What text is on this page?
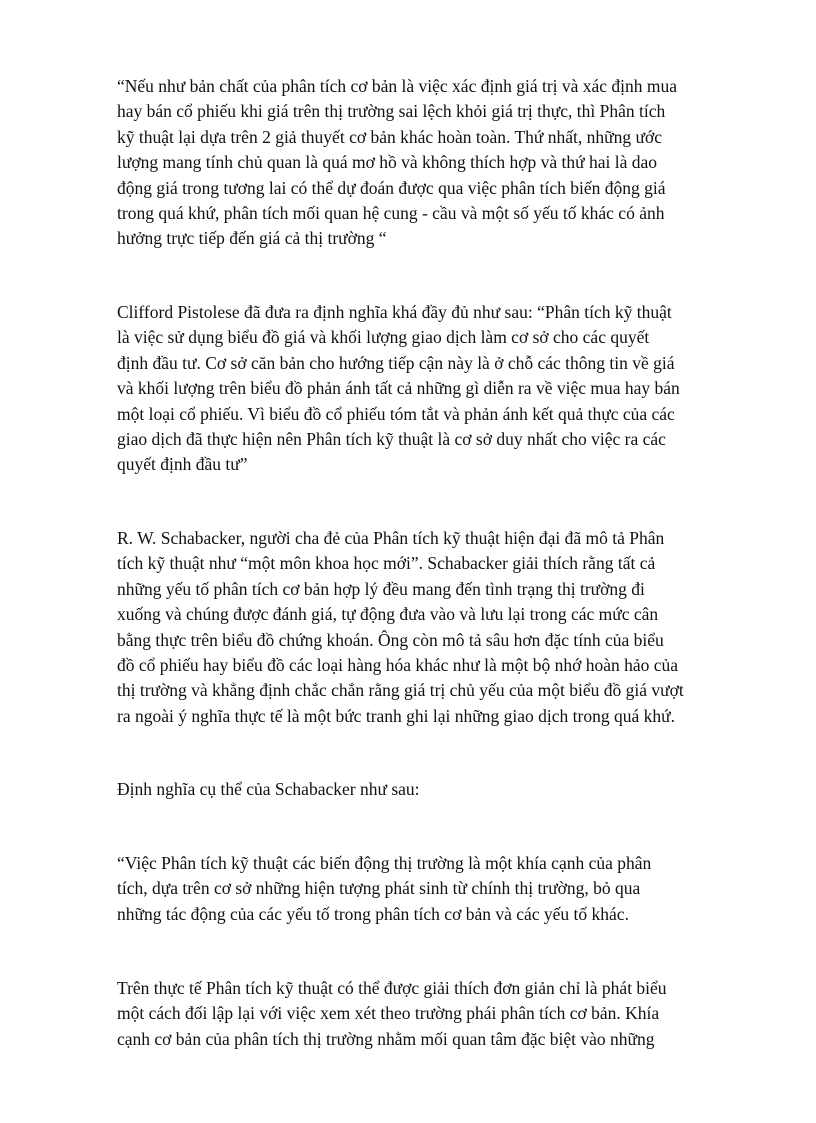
“Nếu như bản chất của phân tích cơ bản là việc xác định giá trị và xác định mua
hay bán cổ phiếu khi giá trên thị trường sai lệch khỏi giá trị thực, thì Phân tích
kỹ thuật lại dựa trên 2 giả thuyết cơ bản khác hoàn toàn. Thứ nhất, những ước
lượng mang tính chủ quan là quá mơ hồ và không thích hợp và thứ hai là dao
động giá trong tương lai có thể dự đoán được qua việc phân tích biến động giá
trong quá khứ, phân tích mối quan hệ cung - cầu và một số yếu tố khác có ảnh
hưởng trực tiếp đến giá cả thị trường “

Clifford Pistolese đã đưa ra định nghĩa khá đầy đủ như sau: “Phân tích kỹ thuật
là việc sử dụng biểu đồ giá và khối lượng giao dịch làm cơ sở cho các quyết
định đầu tư. Cơ sở căn bản cho hướng tiếp cận này là ở chỗ các thông tin về giá
và khối lượng trên biểu đồ phản ánh tất cả những gì diễn ra về việc mua hay bán
một loại cổ phiếu. Vì biểu đồ cổ phiếu tóm tắt và phản ánh kết quả thực của các
giao dịch đã thực hiện nên Phân tích kỹ thuật là cơ sở duy nhất cho việc ra các
quyết định đầu tư”

R. W. Schabacker, người cha đẻ của Phân tích kỹ thuật hiện đại đã mô tả Phân
tích kỹ thuật như “một môn khoa học mới”. Schabacker giải thích rằng tất cả
những yếu tố phân tích cơ bản hợp lý đều mang đến tình trạng thị trường đi
xuống và chúng được đánh giá, tự động đưa vào và lưu lại trong các mức cân
bằng thực trên biểu đồ chứng khoán. Ông còn mô tả sâu hơn đặc tính của biểu
đồ cổ phiếu hay biểu đồ các loại hàng hóa khác như là một bộ nhớ hoàn hảo của
thị trường và khẳng định chắc chắn rằng giá trị chủ yếu của một biểu đồ giá vượt
ra ngoài ý nghĩa thực tế là một bức tranh ghi lại những giao dịch trong quá khứ.

Định nghĩa cụ thể của Schabacker như sau:

“Việc Phân tích kỹ thuật các biến động thị trường là một khía cạnh của phân
tích, dựa trên cơ sở những hiện tượng phát sinh từ chính thị trường, bỏ qua
những tác động của các yếu tố trong phân tích cơ bản và các yếu tố khác.

Trên thực tế Phân tích kỹ thuật có thể được giải thích đơn giản chỉ là phát biểu
một cách đối lập lại với việc xem xét theo trường phái phân tích cơ bản. Khía
cạnh cơ bản của phân tích thị trường nhằm mối quan tâm đặc biệt vào những
